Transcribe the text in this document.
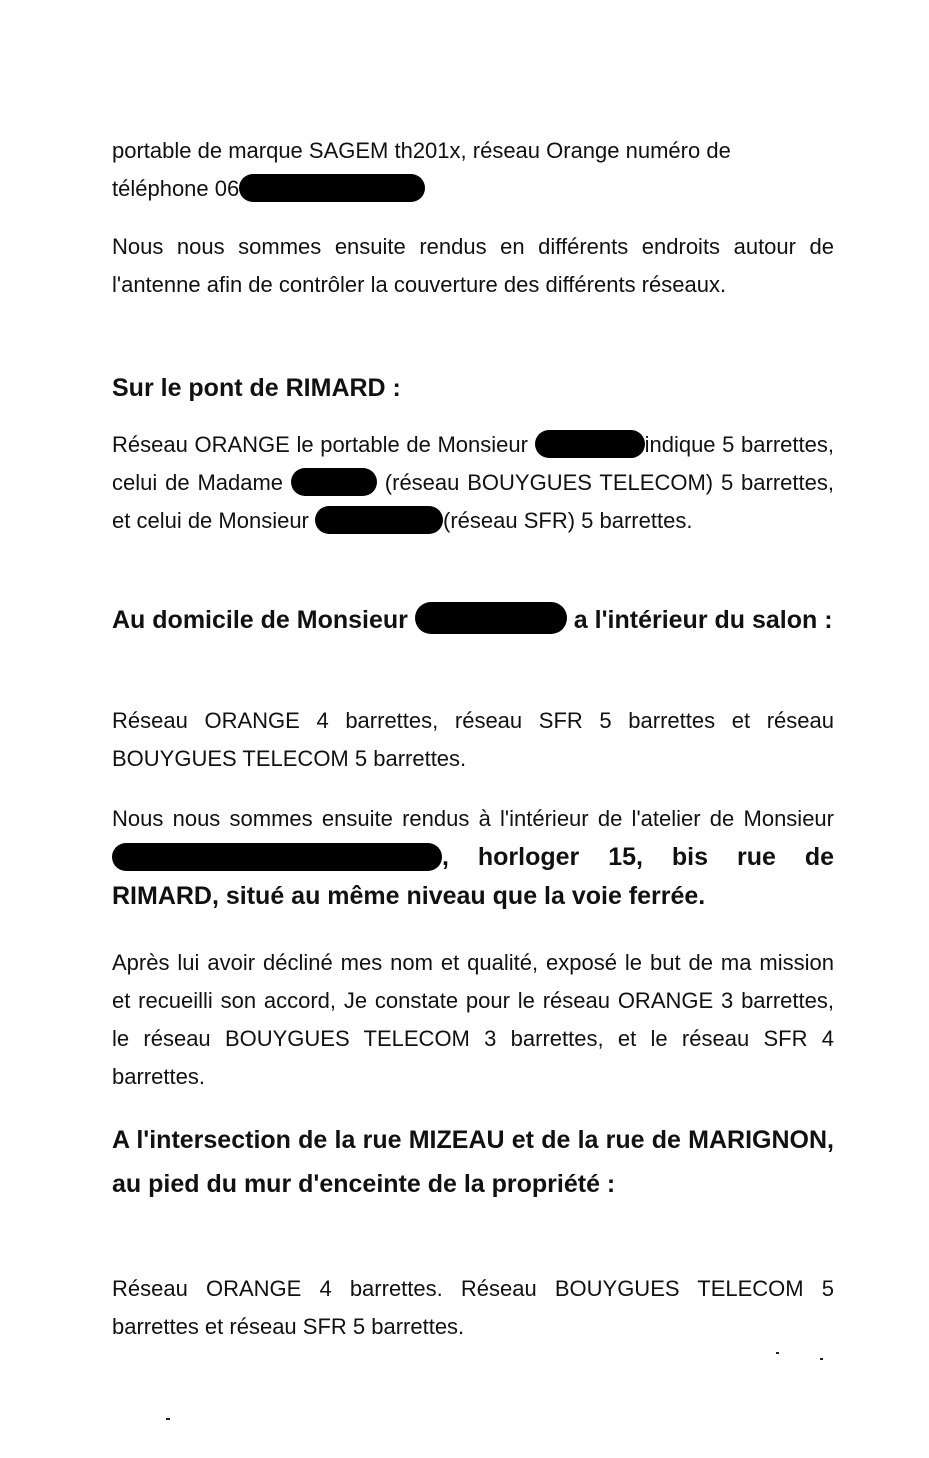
portable de marque SAGEM th201x, réseau Orange numéro de
téléphone 06

Nous nous sommes ensuite rendus en différents endroits autour de l'antenne afin de contrôler la couverture des différents réseaux.

Sur le pont de RIMARD :

Réseau ORANGE le portable de Monsieur	indique 5 barrettes, celui de Madame	(réseau BOUYGUES TELECOM) 5 barrettes, et celui de Monsieur	(réseau SFR) 5 barrettes.

Au domicile de Monsieur	a l'intérieur du salon :

Réseau ORANGE 4 barrettes, réseau SFR 5 barrettes et réseau BOUYGUES TELECOM 5 barrettes.

Nous nous sommes ensuite rendus à l'intérieur de l'atelier de Monsieur, horloger 15, bis rue de RIMARD, situé au même niveau que la voie ferrée.

Après lui avoir décliné mes nom et qualité, exposé le but de ma mission et recueilli son accord, Je constate pour le réseau ORANGE 3 barrettes, le réseau BOUYGUES TELECOM 3 barrettes, et le réseau SFR 4 barrettes.

A l'intersection de la rue MIZEAU et de la rue de MARIGNON, au pied du mur d'enceinte de la propriété :

Réseau ORANGE 4 barrettes. Réseau BOUYGUES TELECOM 5 barrettes et réseau SFR 5 barrettes.
